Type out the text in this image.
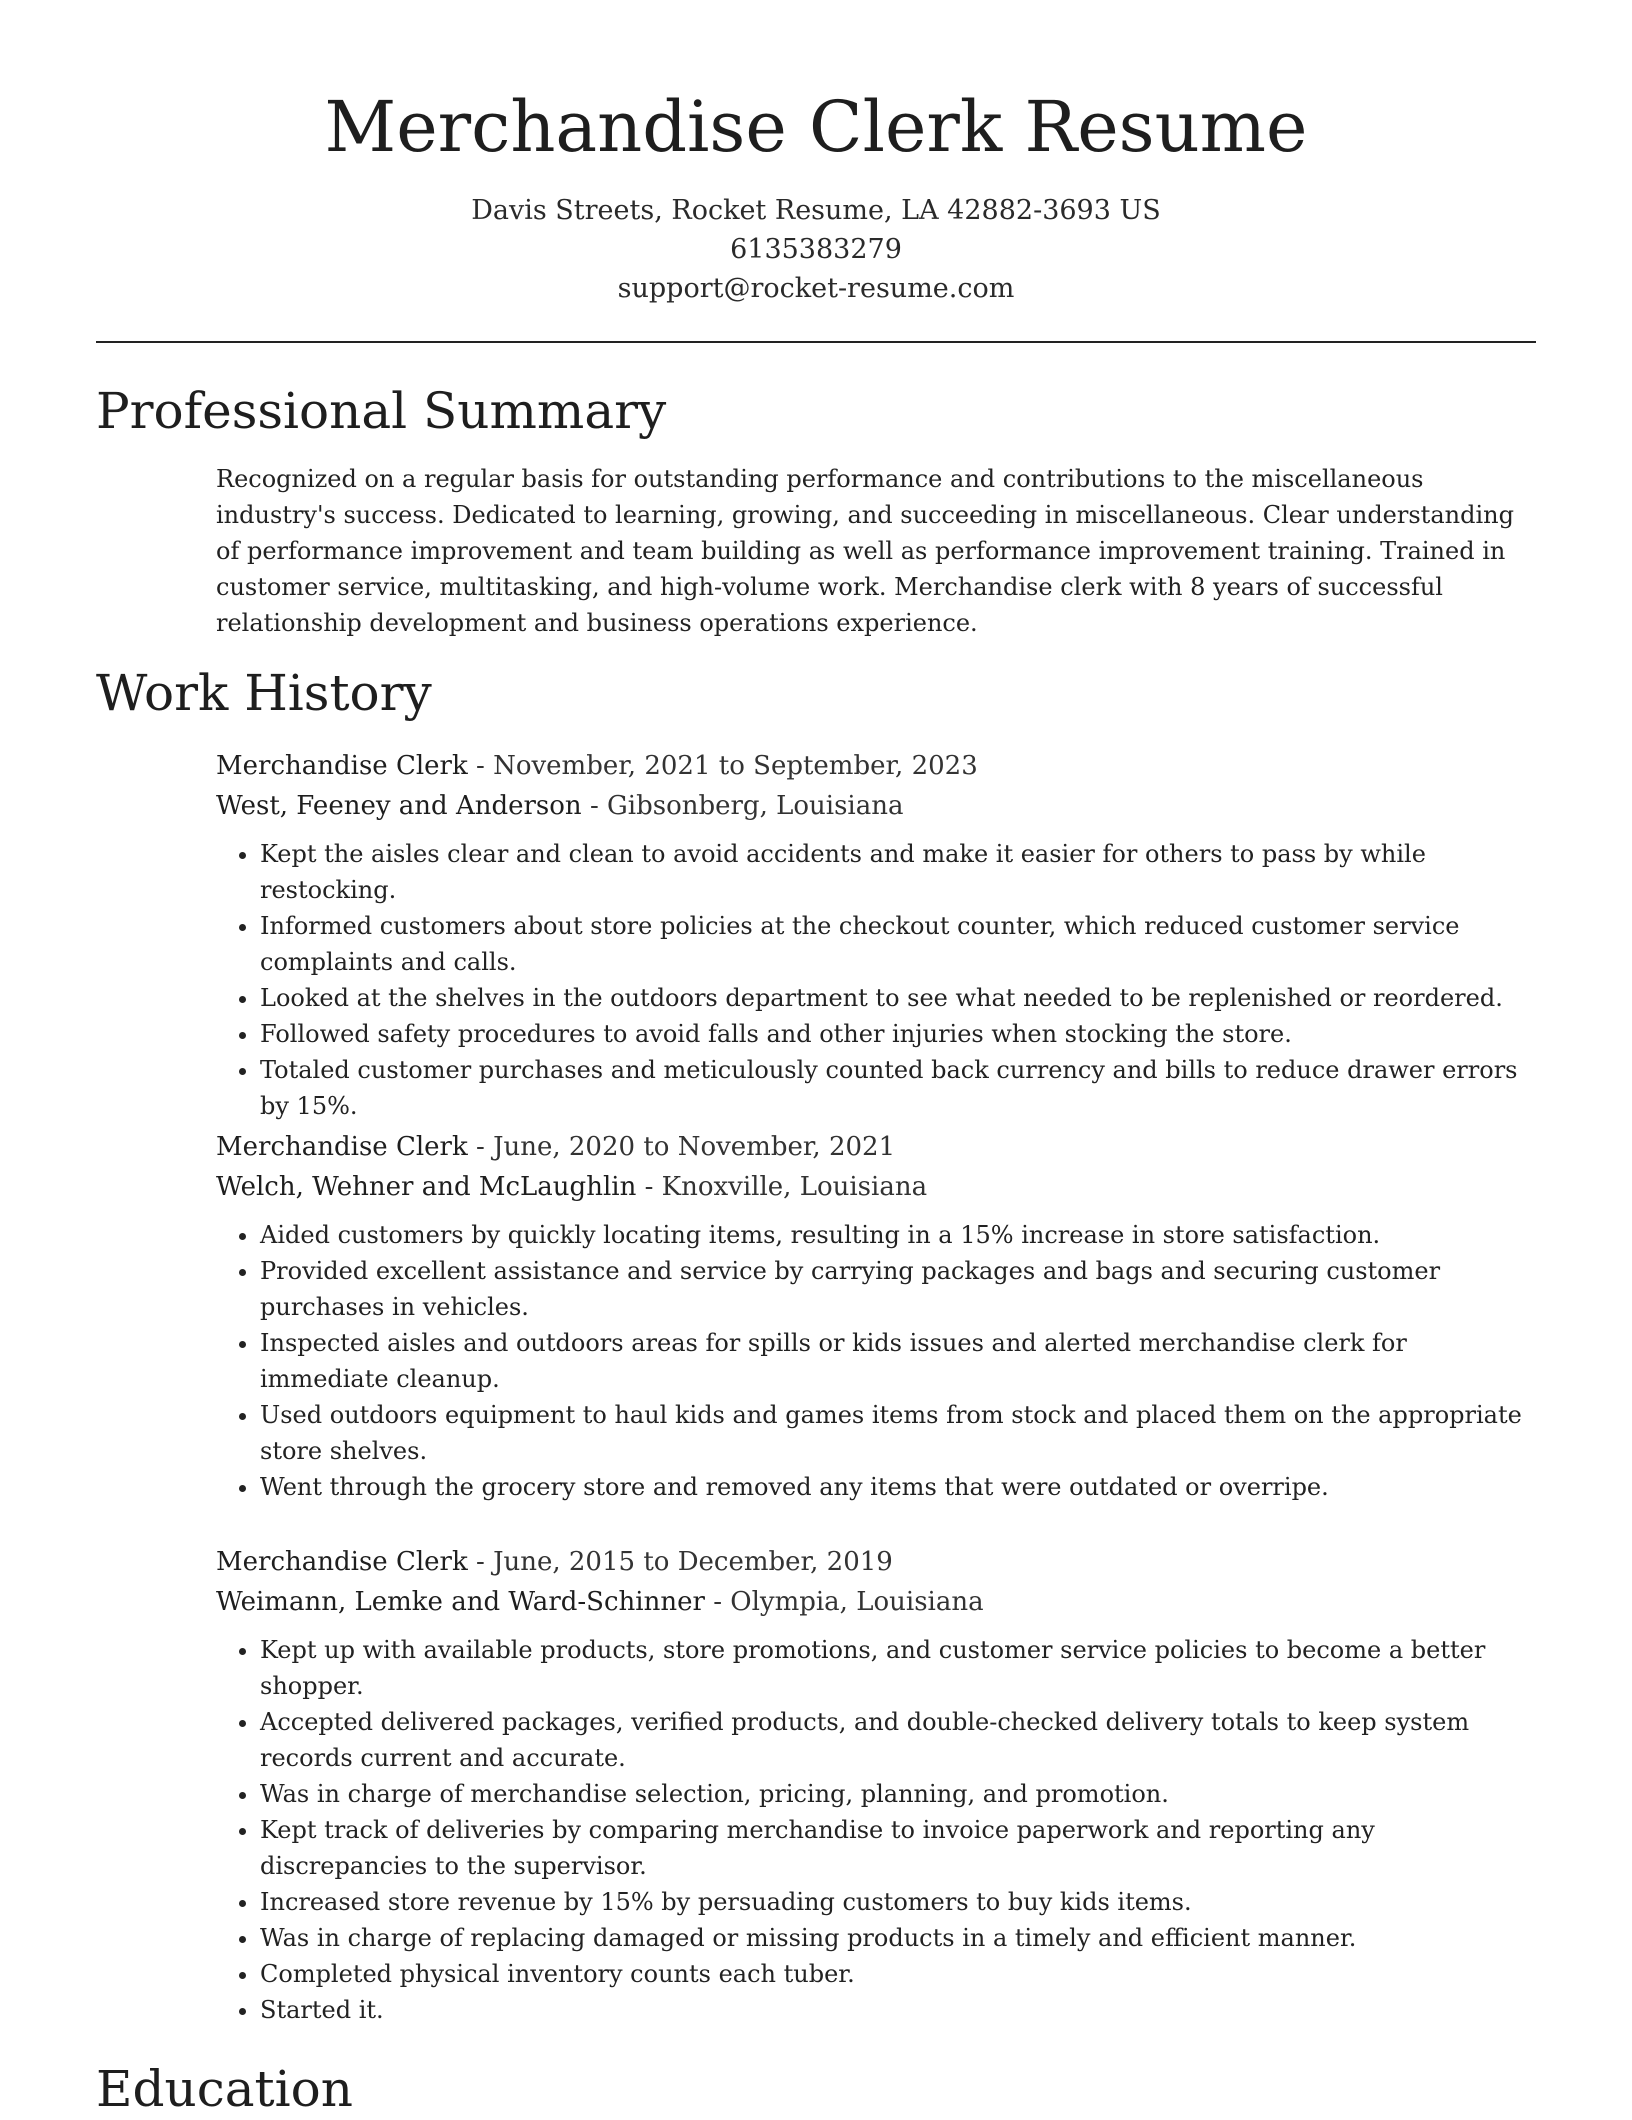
Merchandise Clerk Resume
Davis Streets, Rocket Resume, LA 42882-3693 US
6135383279
support@rocket-resume.com
Professional Summary

Recognized on a regular basis for outstanding performance and contributions to the miscellaneous industry's success. Dedicated to learning, growing, and succeeding in miscellaneous. Clear understanding of performance improvement and team building as well as performance improvement training. Trained in customer service, multitasking, and high-volume work. Merchandise clerk with 8 years of successful relationship development and business operations experience.

Work History
Merchandise Clerk - November, 2021 to September, 2023
West, Feeney and Anderson - Gibsonberg, Louisiana
• Kept the aisles clear and clean to avoid accidents and make it easier for others to pass by while restocking.
• Informed customers about store policies at the checkout counter, which reduced customer service complaints and calls.
• Looked at the shelves in the outdoors department to see what needed to be replenished or reordered.
• Followed safety procedures to avoid falls and other injuries when stocking the store.
• Totaled customer purchases and meticulously counted back currency and bills to reduce drawer errors by 15%.
Merchandise Clerk - June, 2020 to November, 2021
Welch, Wehner and McLaughlin - Knoxville, Louisiana
• Aided customers by quickly locating items, resulting in a 15% increase in store satisfaction.
• Provided excellent assistance and service by carrying packages and bags and securing customer purchases in vehicles.
• Inspected aisles and outdoors areas for spills or kids issues and alerted merchandise clerk for immediate cleanup.
• Used outdoors equipment to haul kids and games items from stock and placed them on the appropriate store shelves.
• Went through the grocery store and removed any items that were outdated or overripe.
Merchandise Clerk - June, 2015 to December, 2019
Weimann, Lemke and Ward-Schinner - Olympia, Louisiana
• Kept up with available products, store promotions, and customer service policies to become a better shopper.
• Accepted delivered packages, verified products, and double-checked delivery totals to keep system records current and accurate.
• Was in charge of merchandise selection, pricing, planning, and promotion.
• Kept track of deliveries by comparing merchandise to invoice paperwork and reporting any discrepancies to the supervisor.
• Increased store revenue by 15% by persuading customers to buy kids items.
• Was in charge of replacing damaged or missing products in a timely and efficient manner.
• Completed physical inventory counts each tuber.
• Started it.
Education
